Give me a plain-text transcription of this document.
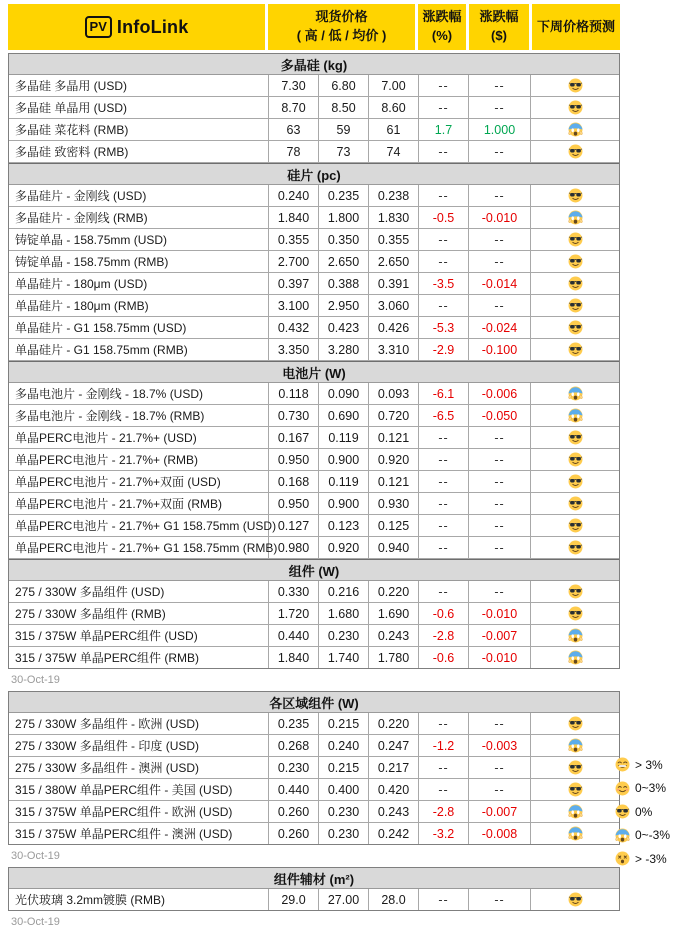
PV InfoLink
现货价格
( 高 / 低 / 均价 )
涨跌幅
(%)
涨跌幅
($)
下周价格预测
多晶硅 (kg)
多晶硅 多晶用 (USD)	7.30	6.80	7.00	--	--
多晶硅 单晶用 (USD)	8.70	8.50	8.60	--	--
多晶硅 菜花料 (RMB)	63	59	61	1.7	1.000
多晶硅 致密料 (RMB)	78	73	74	--	--
硅片 (pc)
多晶硅片 - 金刚线 (USD)	0.240	0.235	0.238	--	--
多晶硅片 - 金刚线 (RMB)	1.840	1.800	1.830	-0.5	-0.010
铸锭单晶 - 158.75mm (USD)	0.355	0.350	0.355	--	--
铸锭单晶 - 158.75mm (RMB)	2.700	2.650	2.650	--	--
单晶硅片 - 180μm (USD)	0.397	0.388	0.391	-3.5	-0.014
单晶硅片 - 180μm (RMB)	3.100	2.950	3.060	--	--
单晶硅片 - G1 158.75mm (USD)	0.432	0.423	0.426	-5.3	-0.024
单晶硅片 - G1 158.75mm (RMB)	3.350	3.280	3.310	-2.9	-0.100
电池片 (W)
多晶电池片 - 金刚线 - 18.7% (USD)	0.118	0.090	0.093	-6.1	-0.006
多晶电池片 - 金刚线 - 18.7% (RMB)	0.730	0.690	0.720	-6.5	-0.050
单晶PERC电池片 - 21.7%+ (USD)	0.167	0.119	0.121	--	--
单晶PERC电池片 - 21.7%+ (RMB)	0.950	0.900	0.920	--	--
单晶PERC电池片 - 21.7%+双面 (USD)	0.168	0.119	0.121	--	--
单晶PERC电池片 - 21.7%+双面 (RMB)	0.950	0.900	0.930	--	--
单晶PERC电池片 - 21.7%+ G1 158.75mm (USD) 0.127	0.123	0.125	--	--
单晶PERC电池片 - 21.7%+ G1 158.75mm (RMB) 0.980	0.920	0.940	--	--
组件 (W)
275 / 330W 多晶组件 (USD)	0.330	0.216	0.220	--	--
275 / 330W 多晶组件 (RMB)	1.720	1.680	1.690	-0.6	-0.010
315 / 375W 单晶PERC组件 (USD)	0.440	0.230	0.243	-2.8	-0.007
315 / 375W 单晶PERC组件 (RMB)	1.840	1.740	1.780	-0.6	-0.010
30-Oct-19
各区域组件 (W)
275 / 330W 多晶组件 - 欧洲 (USD)	0.235	0.215	0.220	--	--
275 / 330W 多晶组件 - 印度 (USD)	0.268	0.240	0.247	-1.2	-0.003
275 / 330W 多晶组件 - 澳洲 (USD)	0.230	0.215	0.217	--	--
315 / 380W 单晶PERC组件 - 美国 (USD)	0.440	0.400	0.420	--	--
315 / 375W 单晶PERC组件 - 欧洲 (USD)	0.260	0.230	0.243	-2.8	-0.007
315 / 375W 单晶PERC组件 - 澳洲 (USD)	0.260	0.230	0.242	-3.2	-0.008
30-Oct-19
组件辅材 (m²)
光伏玻璃 3.2mm镀膜 (RMB)	29.0	27.00	28.0	--	--
30-Oct-19
> 3%
0~3%
0%
0~-3%
> -3%
